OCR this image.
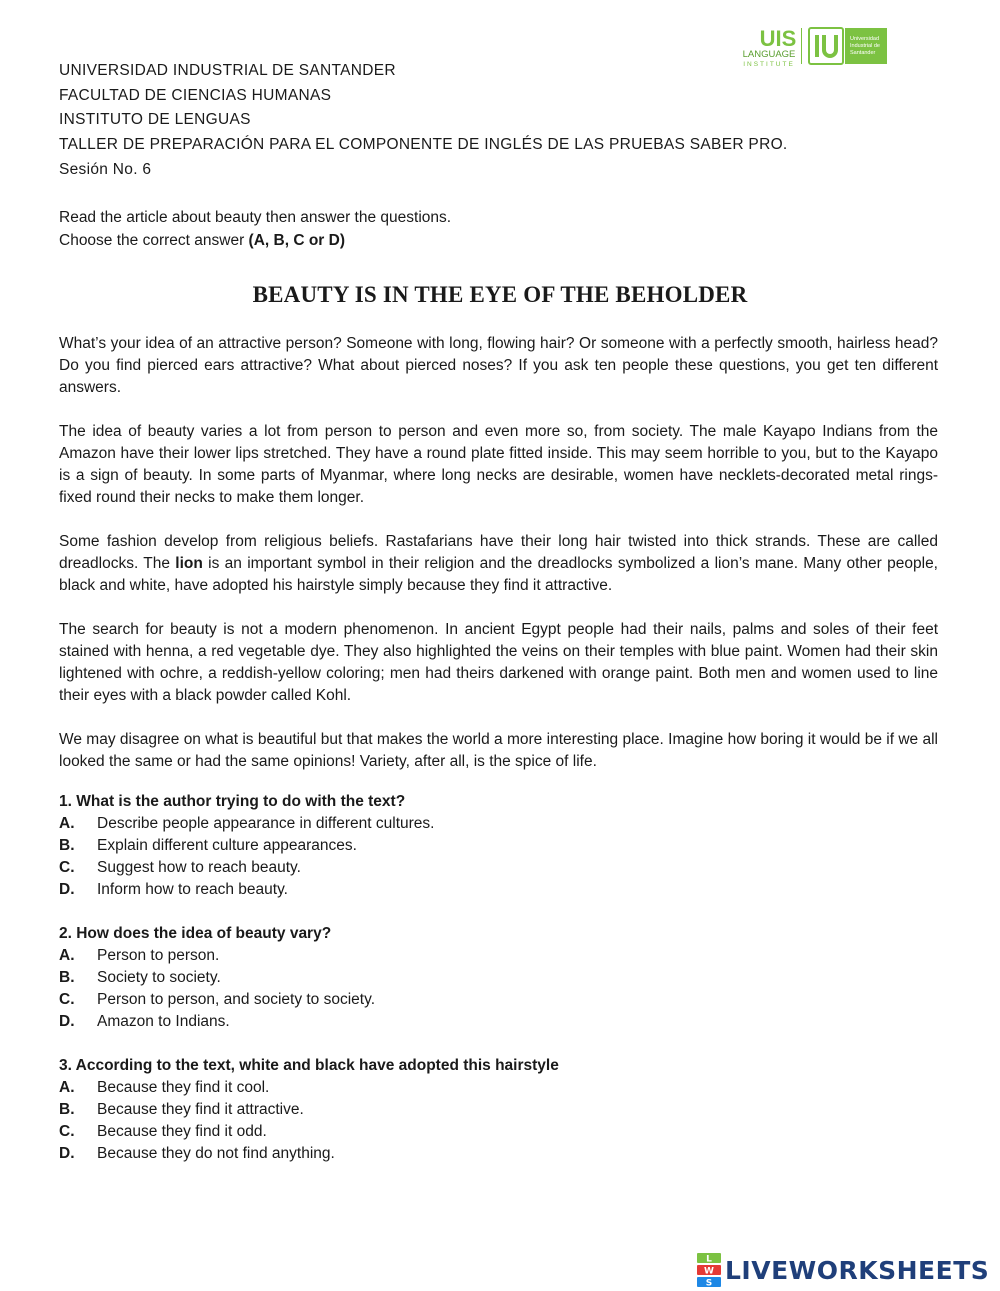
UIS
LANGUAGE
INSTITUTE
Universidad
Industrial de
Santander
UNIVERSIDAD INDUSTRIAL DE SANTANDER
FACULTAD DE CIENCIAS HUMANAS
INSTITUTO DE LENGUAS
TALLER DE PREPARACIÓN PARA EL COMPONENTE DE INGLÉS DE LAS PRUEBAS SABER PRO.
Sesión No. 6
Read the article about beauty then answer the questions.
Choose the correct answer (A, B, C or D)
BEAUTY IS IN THE EYE OF THE BEHOLDER

What’s your idea of an attractive person? Someone with long, flowing hair? Or someone with a perfectly smooth, hairless head? Do you find pierced ears attractive? What about pierced noses? If you ask ten people these questions, you get ten different answers.

The idea of beauty varies a lot from person to person and even more so, from society. The male Kayapo Indians from the Amazon have their lower lips stretched. They have a round plate fitted inside. This may seem horrible to you, but to the Kayapo is a sign of beauty. In some parts of Myanmar, where long necks are desirable, women have necklets-decorated metal rings- fixed round their necks to make them longer.

Some fashion develop from religious beliefs. Rastafarians have their long hair twisted into thick strands. These are called dreadlocks. The lion is an important symbol in their religion and the dreadlocks symbolized a lion’s mane. Many other people, black and white, have adopted his hairstyle simply because they find it attractive.

The search for beauty is not a modern phenomenon. In ancient Egypt people had their nails, palms and soles of their feet stained with henna, a red vegetable dye. They also highlighted the veins on their temples with blue paint. Women had their skin lightened with ochre, a reddish-yellow coloring; men had theirs darkened with orange paint. Both men and women used to line their eyes with a black powder called Kohl.

We may disagree on what is beautiful but that makes the world a more interesting place. Imagine how boring it would be if we all looked the same or had the same opinions! Variety, after all, is the spice of life.

1. What is the author trying to do with the text?
A.	Describe people appearance in different cultures.
B.	Explain different culture appearances.
C.	Suggest how to reach beauty.
D.	Inform how to reach beauty.
2. How does the idea of beauty vary?
A.	Person to person.
B.	Society to society.
C.	Person to person, and society to society.
D.	Amazon to Indians.
3. According to the text, white and black have adopted this hairstyle
A.	Because they find it cool.
B.	Because they find it attractive.
C.	Because they find it odd.
D.	Because they do not find anything.
L
W
S LIVEWORKSHEETS
